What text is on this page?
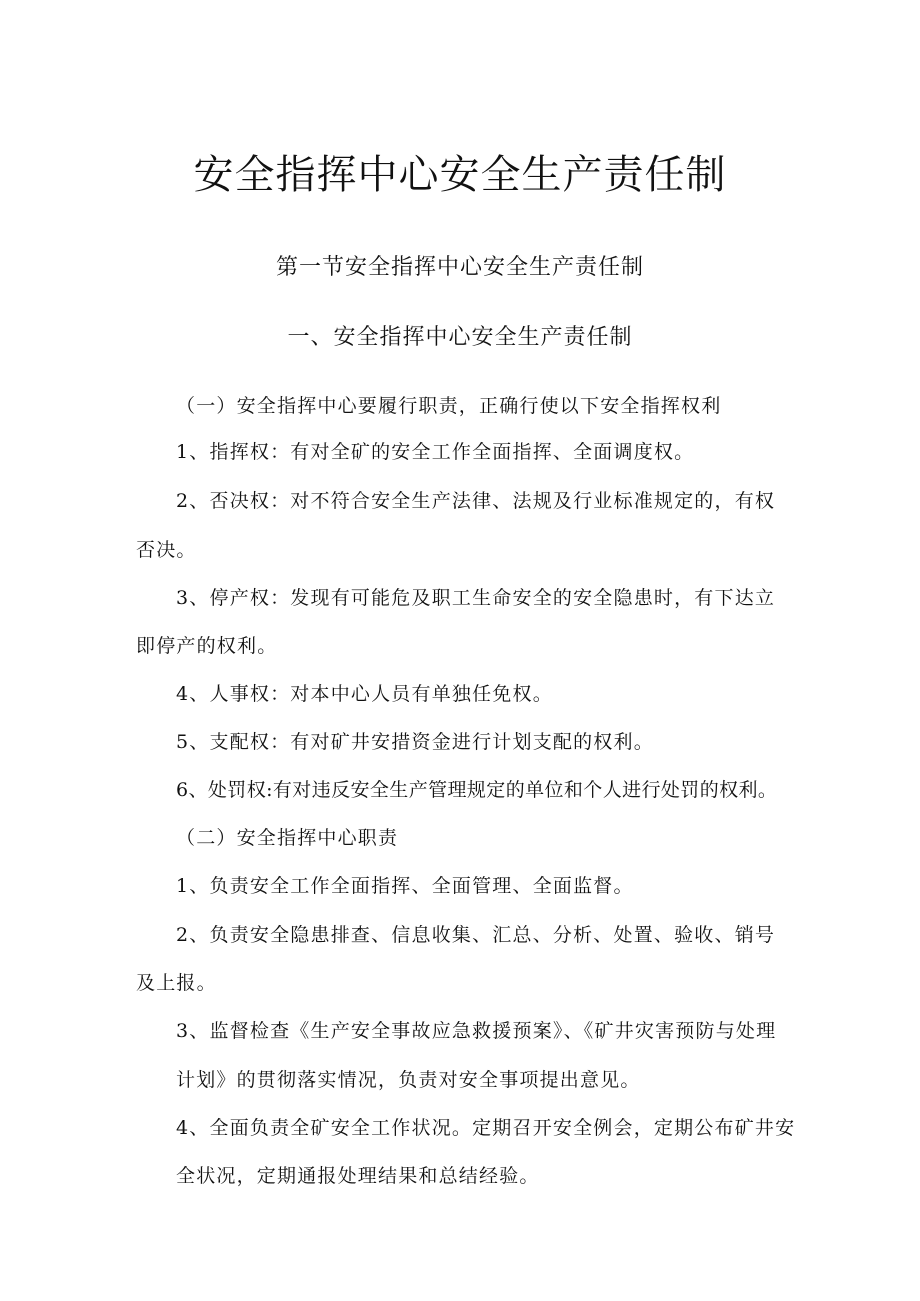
安全指挥中心安全生产责任制
第一节安全指挥中心安全生产责任制
一、安全指挥中心安全生产责任制
（一）安全指挥中心要履行职责，正确行使以下安全指挥权利
1、指挥权：有对全矿的安全工作全面指挥、全面调度权。
2、否决权：对不符合安全生产法律、法规及行业标准规定的，有权
否决。
3、停产权：发现有可能危及职工生命安全的安全隐患时，有下达立
即停产的权利。
4、人事权：对本中心人员有单独任免权。
5、支配权：有对矿井安措资金进行计划支配的权利。
6、处罚权:有对违反安全生产管理规定的单位和个人进行处罚的权利。
（二）安全指挥中心职责
1、负责安全工作全面指挥、全面管理、全面监督。
2、负责安全隐患排查、信息收集、汇总、分析、处置、验收、销号
及上报。
3、监督检查《生产安全事故应急救援预案》、《矿井灾害预防与处理
计划》的贯彻落实情况，负责对安全事项提出意见。
4、全面负责全矿安全工作状况。定期召开安全例会，定期公布矿井安
全状况，定期通报处理结果和总结经验。
